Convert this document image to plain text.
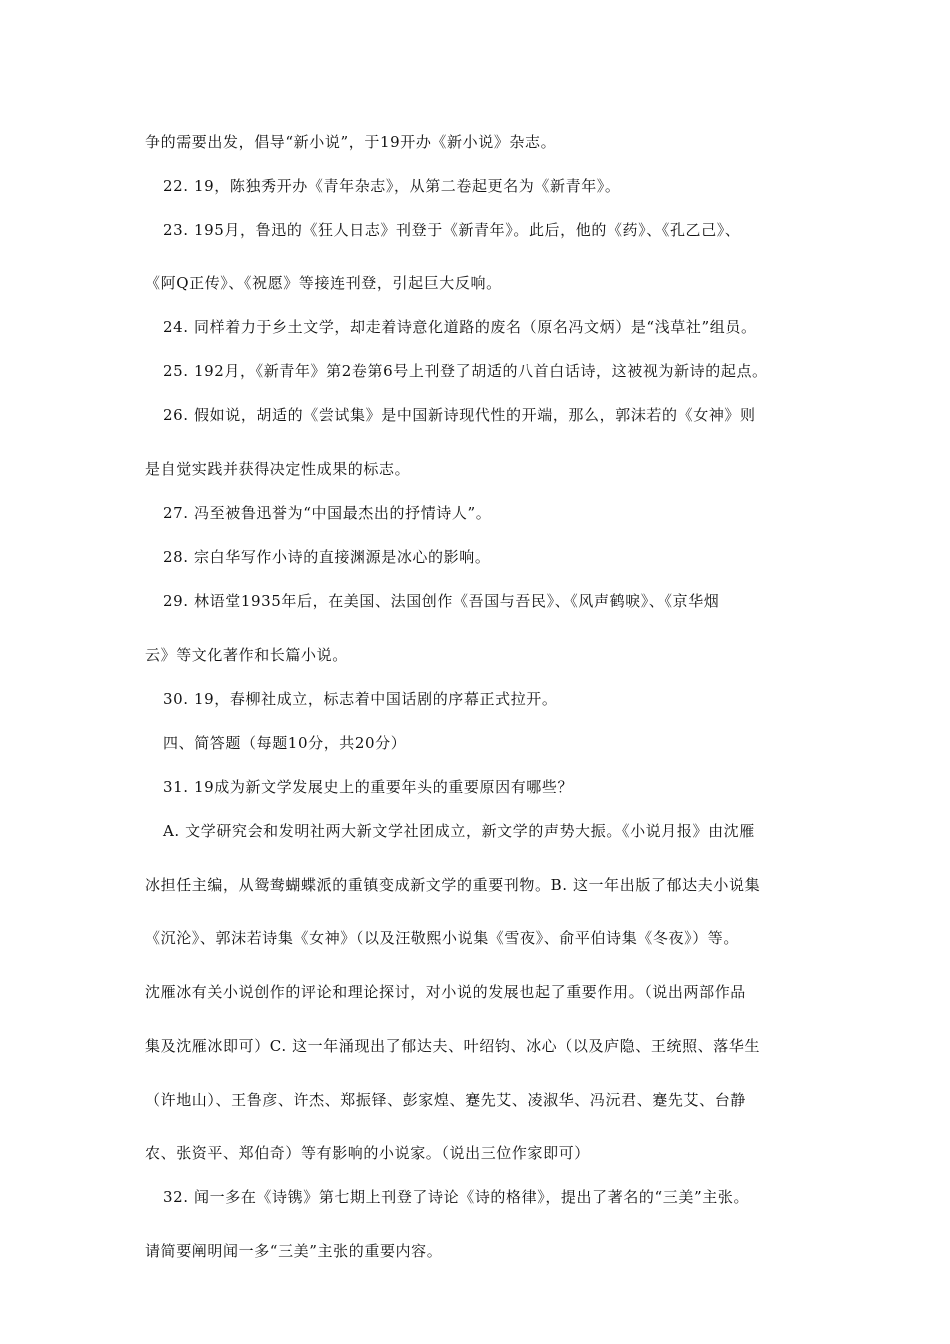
争的需要出发，倡导“新小说”，于19开办《新小说》杂志。
22. 19，陈独秀开办《青年杂志》，从第二卷起更名为《新青年》。
23. 195月，鲁迅的《狂人日志》刊登于《新青年》。此后，他的《药》、《孔乙己》、
《阿Q正传》、《祝愿》等接连刊登，引起巨大反响。
24. 同样着力于乡土文学，却走着诗意化道路的废名（原名冯文炳）是“浅草社”组员。
25. 192月，《新青年》第2卷第6号上刊登了胡适的八首白话诗，这被视为新诗的起点。
26. 假如说，胡适的《尝试集》是中国新诗现代性的开端，那么，郭沫若的《女神》则
是自觉实践并获得决定性成果的标志。
27. 冯至被鲁迅誉为“中国最杰出的抒情诗人”。
28. 宗白华写作小诗的直接渊源是冰心的影响。
29. 林语堂1935年后，在美国、法国创作《吾国与吾民》、《风声鹤唳》、《京华烟
云》等文化著作和长篇小说。
30. 19，春柳社成立，标志着中国话剧的序幕正式拉开。
四、简答题（每题10分，共20分）
31. 19成为新文学发展史上的重要年头的重要原因有哪些？
A. 文学研究会和发明社两大新文学社团成立，新文学的声势大振。《小说月报》由沈雁
冰担任主编，从鸳鸯蝴蝶派的重镇变成新文学的重要刊物。B. 这一年出版了郁达夫小说集
《沉沦》、郭沫若诗集《女神》（以及汪敬熙小说集《雪夜》、俞平伯诗集《冬夜》）等。
沈雁冰有关小说创作的评论和理论探讨，对小说的发展也起了重要作用。（说出两部作品
集及沈雁冰即可）C. 这一年涌现出了郁达夫、叶绍钧、冰心（以及庐隐、王统照、落华生
（许地山）、王鲁彦、许杰、郑振铎、彭家煌、蹇先艾、凌淑华、冯沅君、蹇先艾、台静
农、张资平、郑伯奇）等有影响的小说家。（说出三位作家即可）
32. 闻一多在《诗镌》第七期上刊登了诗论《诗的格律》，提出了著名的“三美”主张。
请简要阐明闻一多“三美”主张的重要内容。
